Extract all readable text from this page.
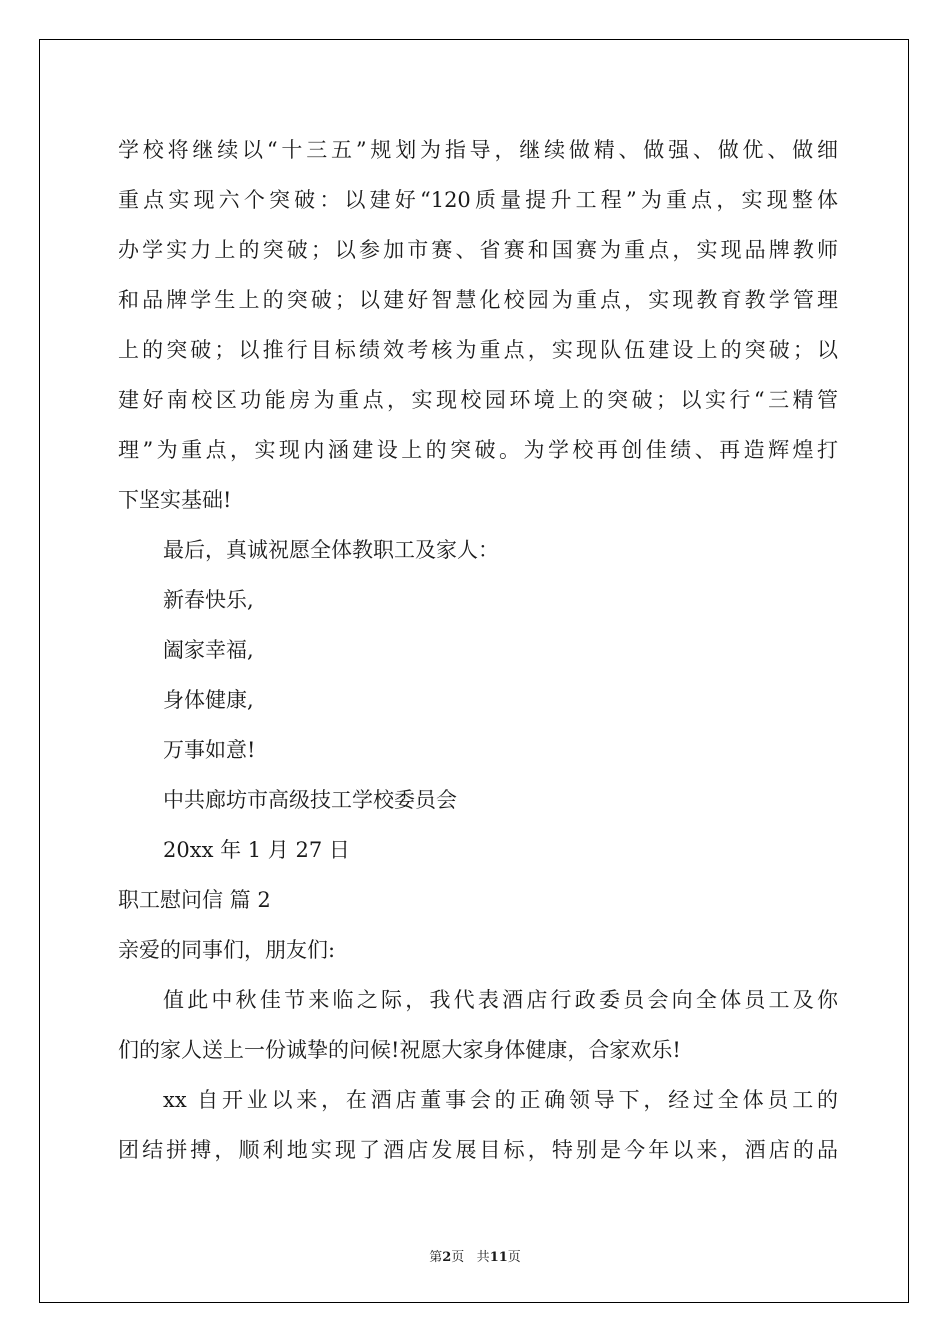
学校将继续以“十三五”规划为指导，继续做精、做强、做优、做细
重点实现六个突破：以建好“120质量提升工程”为重点，实现整体
办学实力上的突破；以参加市赛、省赛和国赛为重点，实现品牌教师
和品牌学生上的突破；以建好智慧化校园为重点，实现教育教学管理
上的突破；以推行目标绩效考核为重点，实现队伍建设上的突破；以
建好南校区功能房为重点，实现校园环境上的突破；以实行“三精管
理”为重点，实现内涵建设上的突破。为学校再创佳绩、再造辉煌打
下坚实基础!
最后，真诚祝愿全体教职工及家人：
新春快乐,
阖家幸福,
身体健康,
万事如意!
中共廊坊市高级技工学校委员会
20xx 年 1 月 27 日
职工慰问信 篇 2
亲爱的同事们，朋友们:
值此中秋佳节来临之际，我代表酒店行政委员会向全体员工及你
们的家人送上一份诚挚的问候!祝愿大家身体健康，合家欢乐!
xx 自开业以来，在酒店董事会的正确领导下，经过全体员工的
团结拼搏，顺利地实现了酒店发展目标，特别是今年以来，酒店的品
第2页 共11页
